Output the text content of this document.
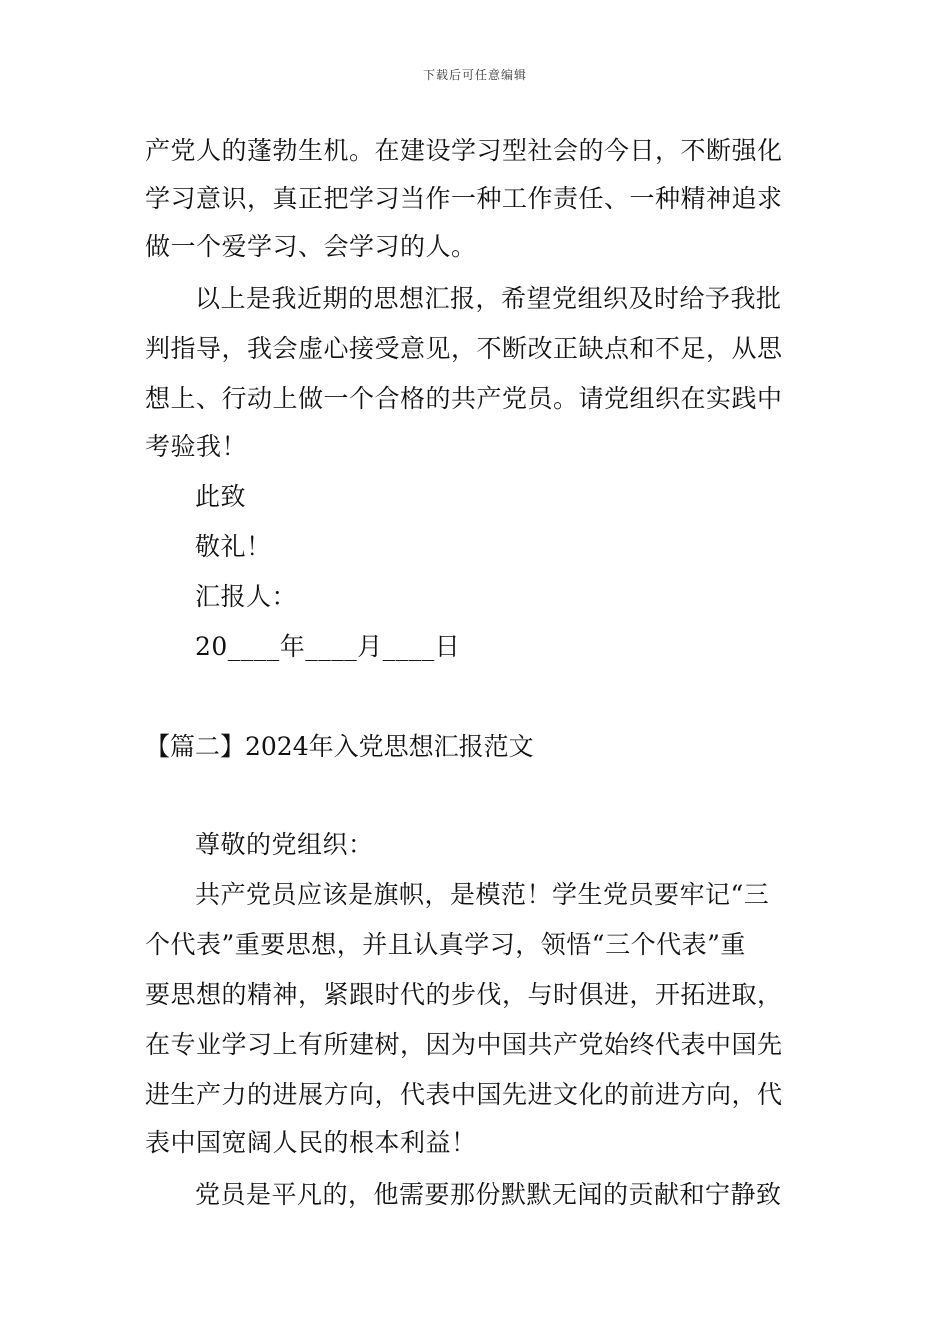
下载后可任意编辑
产党人的蓬勃生机。在建设学习型社会的今日，不断强化
学习意识，真正把学习当作一种工作责任、一种精神追求
做一个爱学习、会学习的人。
以上是我近期的思想汇报，希望党组织及时给予我批
判指导，我会虚心接受意见，不断改正缺点和不足，从思
想上、行动上做一个合格的共产党员。请党组织在实践中
考验我！
此致
敬礼！
汇报人：
20____年____月____日
【篇二】2024年入党思想汇报范文
尊敬的党组织：
共产党员应该是旗帜，是模范！学生党员要牢记“三
个代表”重要思想，并且认真学习，领悟“三个代表”重
要思想的精神，紧跟时代的步伐，与时俱进，开拓进取，
在专业学习上有所建树，因为中国共产党始终代表中国先
进生产力的进展方向，代表中国先进文化的前进方向，代
表中国宽阔人民的根本利益！
党员是平凡的，他需要那份默默无闻的贡献和宁静致
